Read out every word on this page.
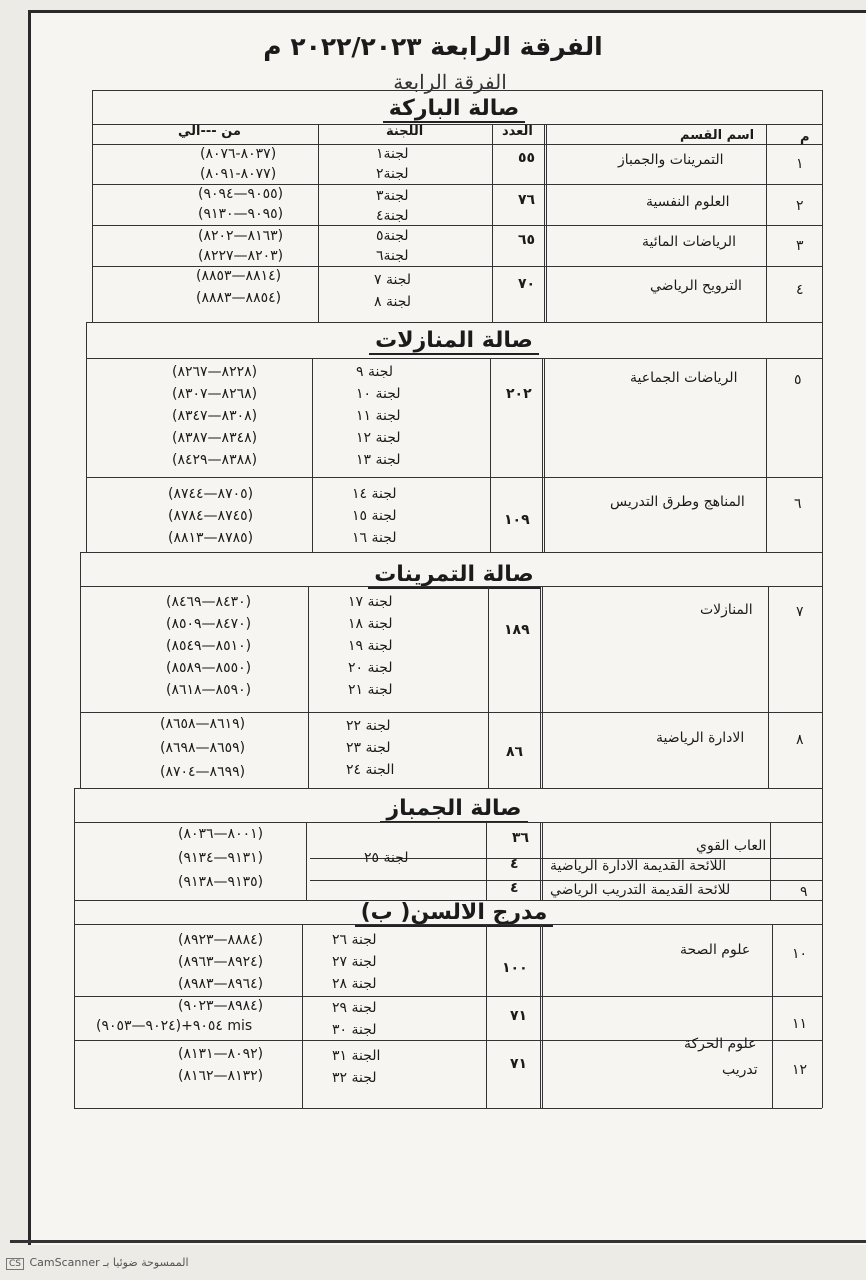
الفرقة الرابعة ٢٠٢٢/٢٠٢٣ م
الفرقة الرابعة
صالة الباركة
صالة المنازلات
صالة التمرينات
صالة الجمباز
مدرج الالسن( ب)
م
اسم القسم
العدد
اللجنة
من ---الي
١
التمرينات والجمباز
٥٥
لجنة١
لجنة٢
(٨٠٣٧-٨٠٧٦)
(٨٠٧٧-٨٠٩١)
٢
العلوم النفسية
٧٦
لجنة٣
لجنة٤
(٩٠٥٥—٩٠٩٤)
(٩٠٩٥—٩١٣٠)
٣
الرياضات المائية
٦٥
لجنة٥
لجنة٦
(٨١٦٣—٨٢٠٢)
(٨٢٠٣—٨٢٢٧)
٤
الترويح الرياضي
٧٠
لجنة ٧
لجنة ٨
(٨٨١٤—٨٨٥٣)
(٨٨٥٤—٨٨٨٣)
٥
الرياضات الجماعية
٢٠٢
لجنة ٩
لجنة ١٠
لجنة ١١
لجنة ١٢
لجنة ١٣
(٨٢٢٨—٨٢٦٧)
(٨٢٦٨—٨٣٠٧)
(٨٣٠٨—٨٣٤٧)
(٨٣٤٨—٨٣٨٧)
(٨٣٨٨—٨٤٢٩)
٦
المناهج وطرق التدريس
١٠٩
لجنة ١٤
لجنة ١٥
لجنة ١٦
(٨٧٠٥—٨٧٤٤)
(٨٧٤٥—٨٧٨٤)
(٨٧٨٥—٨٨١٣)
٧
المنازلات
١٨٩
لجنة ١٧
لجنة ١٨
لجنة ١٩
لجنة ٢٠
لجنة ٢١
(٨٤٣٠—٨٤٦٩)
(٨٤٧٠—٨٥٠٩)
(٨٥١٠—٨٥٤٩)
(٨٥٥٠—٨٥٨٩)
(٨٥٩٠—٨٦١٨)
٨
الادارة الرياضية
٨٦
لجنة ٢٢
لجنة ٢٣
الجنة ٢٤
(٨٦١٩—٨٦٥٨)
(٨٦٥٩—٨٦٩٨)
(٨٦٩٩—٨٧٠٤)
٩
العاب القوي
اللائحة القديمة الادارة الرياضية
للائحة القديمة التدريب الرياضي
٣٦
٤
٤
لجنة ٢٥
(٨٠٠١—٨٠٣٦)
(٩١٣١—٩١٣٤)
(٩١٣٥—٩١٣٨)
١٠
علوم الصحة
١٠٠
لجنة ٢٦
لجنة ٢٧
لجنة ٢٨
(٨٨٨٤—٨٩٢٣)
(٨٩٢٤—٨٩٦٣)
(٨٩٦٤—٨٩٨٣)
١١
علوم الحركة
٧١
لجنة ٢٩
لجنة ٣٠
(٨٩٨٤—٩٠٢٣)
mis ٩٠٥٤+(٩٠٢٤—٩٠٥٣)
١٢
تدريب
٧١
الجنة ٣١
لجنة ٣٢
(٨٠٩٢—٨١٣١)
(٨١٣٢—٨١٦٢)
CS CamScanner الممسوحة ضوئيا بـ
